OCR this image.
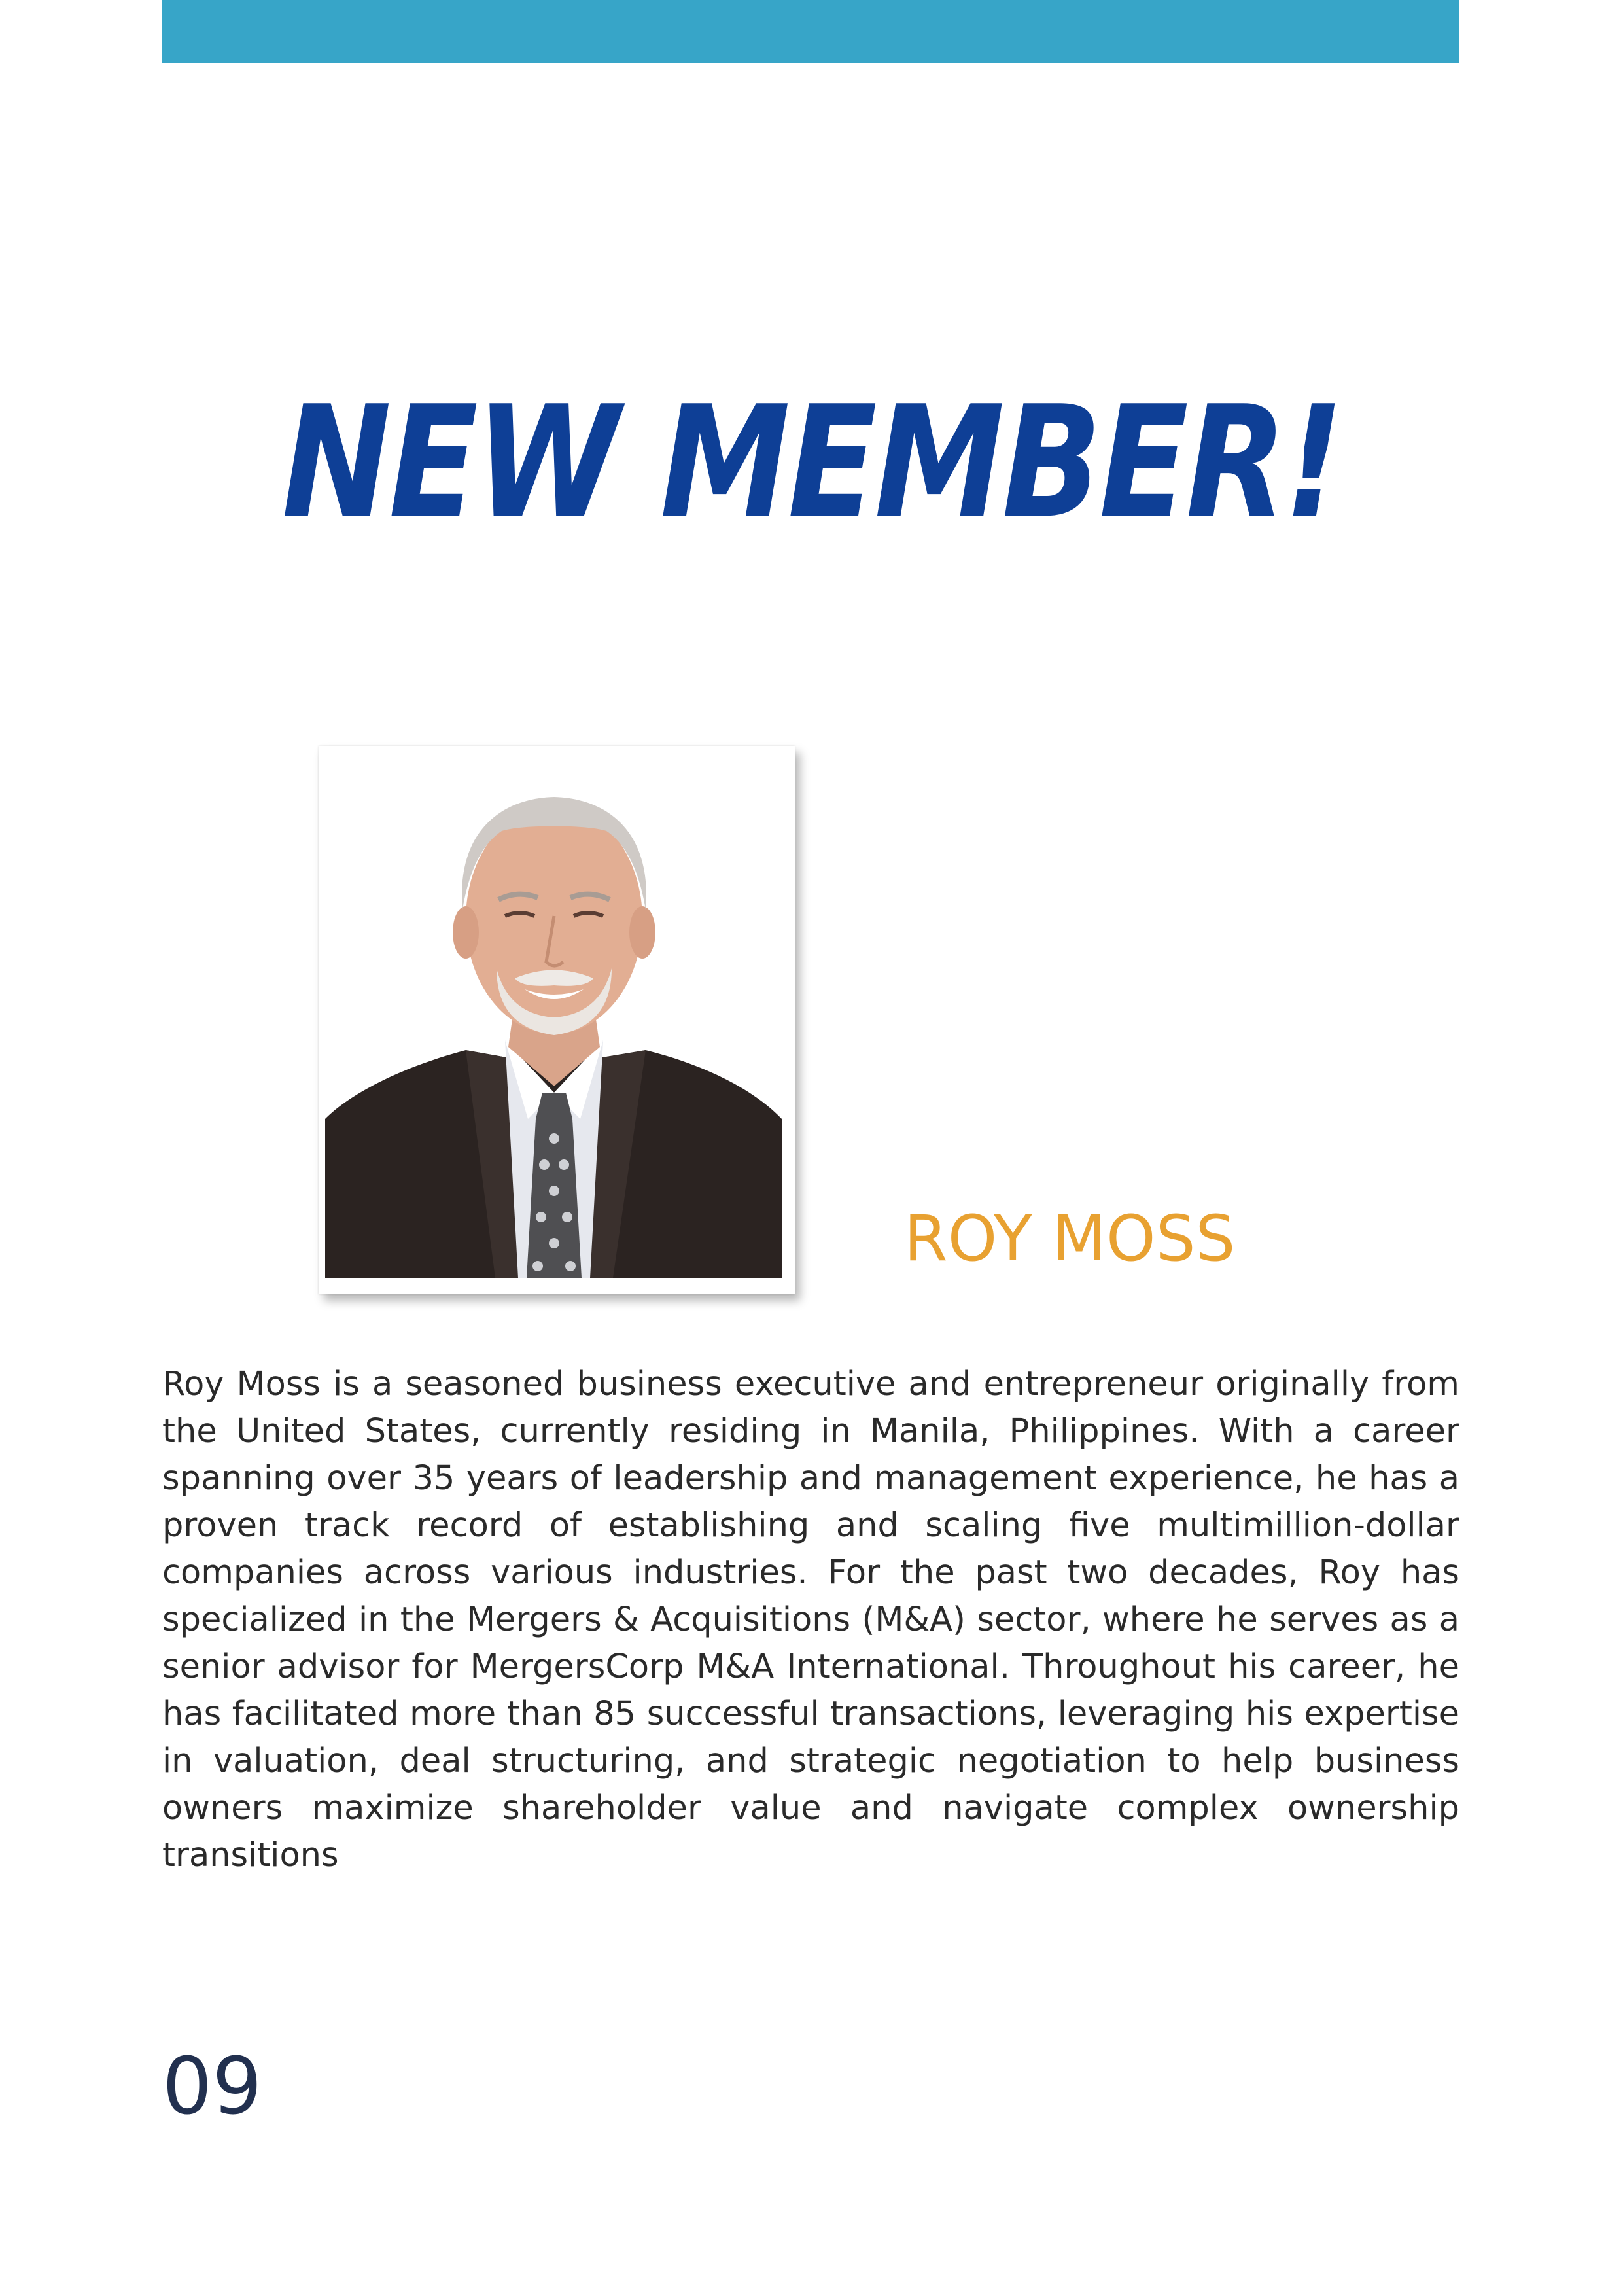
NEW MEMBER!
ROY MOSS

Roy Moss is a seasoned business executive and entrepreneur originally from the United States, currently residing in Manila, Philippines. With a career spanning over 35 years of leadership and management experience, he has a proven track record of establishing and scaling five multimillion-dollar companies across various industries. For the past two decades, Roy has specialized in the Mergers & Acquisitions (M&A) sector, where he serves as a senior advisor for MergersCorp M&A International. Throughout his career, he has facilitated more than 85 successful transactions, leveraging his expertise in valuation, deal structuring, and strategic negotiation to help business owners maximize shareholder value and navigate complex ownership transitions

09
